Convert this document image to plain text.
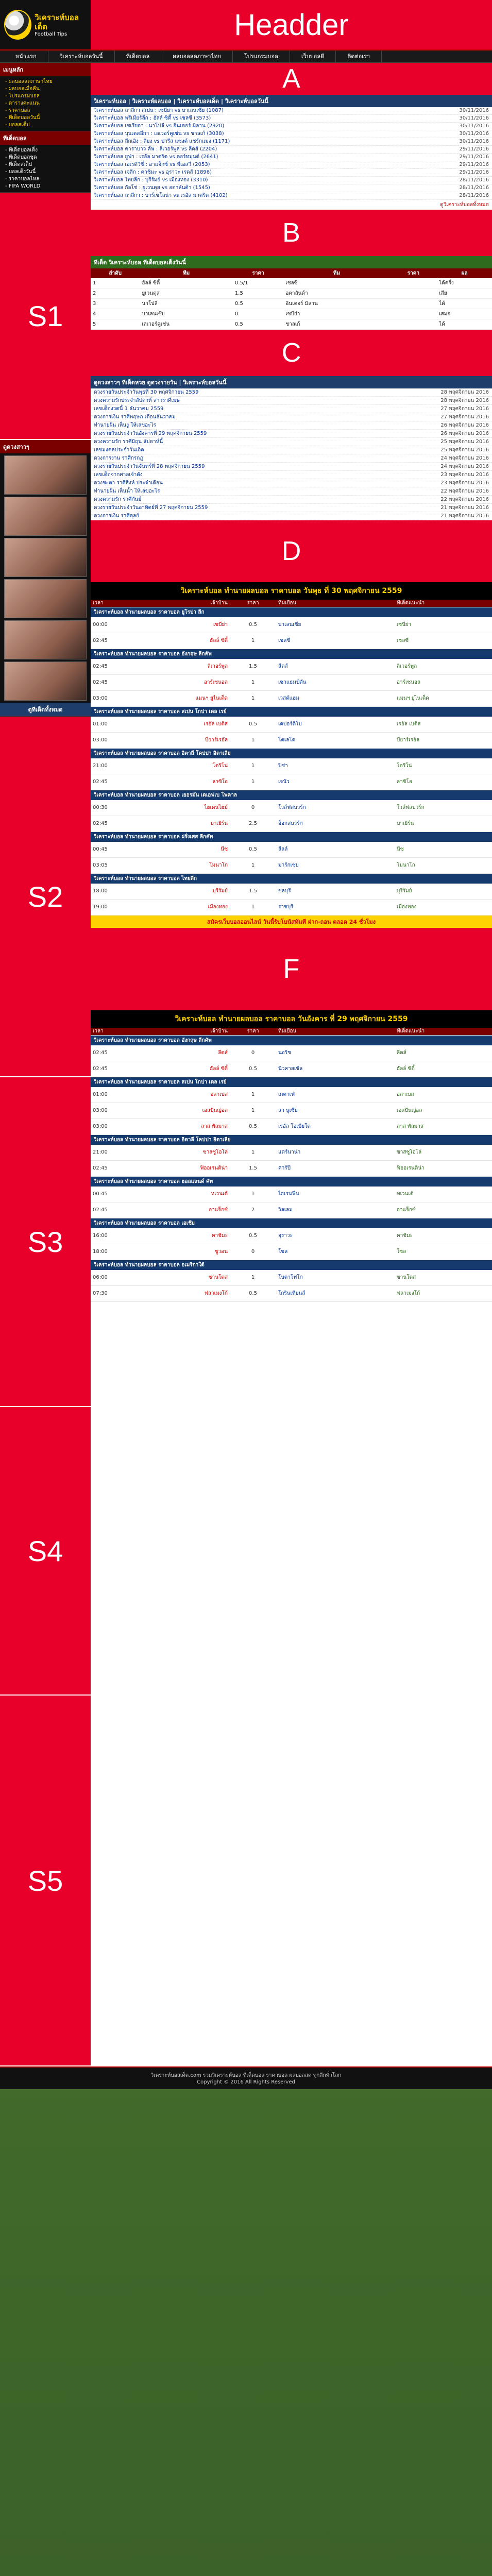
วิเคราะห์บอลเด็ด
Football Tips	Headder
หน้าแรก	วิเคราะห์บอลวันนี้	ทีเด็ดบอล	ผลบอลสดภาษาไทย	โปรแกรมบอล	เว็บบอลดี	ติดต่อเรา
เมนูหลัก
- ผลบอลสดภาษาไทย
- ผลบอลเมื่อคืน
- โปรแกรมบอล
- ตารางคะแนน
- ราคาบอล
- ทีเด็ดบอลวันนี้
- บอลสเต็ป
ทีเด็ดบอล
- ทีเด็ดบอลเต็ง
- ทีเด็ดบอลชุด
- ทีเด็ดสเต็ป
- บอลเต็งวันนี้
- ราคาบอลไหล
- FIFA WORLD
S1
ดูดวงสาวๆ
ดูทีเด็ดทั้งหมด
S2
S3
S4
S5
A
วิเคราะห์บอล | วิเคราะห์ผลบอล | วิเคราะห์บอลเด็ด | วิเคราะห์บอลวันนี้
วิเคราะห์บอล ลาลีกา สเปน : เซบีย่า vs บาเลนเซีย (1087)	30/11/2016
วิเคราะห์บอล พรีเมียร์ลีก : ฮัลล์ ซิตี้ vs เชลซี (3573)	30/11/2016
วิเคราะห์บอล เซเรียอา : นาโปลี vs อินเตอร์ มิลาน (2920)	30/11/2016
วิเคราะห์บอล บุนเดสลีกา : เลเวอร์คูเซ่น vs ชาลเก้ (3038)	30/11/2016
วิเคราะห์บอล ลีกเอิง : ลียง vs ปารีส แซงต์ แชร์กแมง (1171)	30/11/2016
วิเคราะห์บอล คาราบาว คัพ : ลิเวอร์พูล vs ลีดส์ (2204)	29/11/2016
วิเคราะห์บอล ยูฟ่า : เรอัล มาดริด vs ดอร์ทมุนด์ (2641)	29/11/2016
วิเคราะห์บอล เอเรดิวิซี่ : อาแจ็กซ์ vs พีเอสวี (2053)	29/11/2016
วิเคราะห์บอล เจลีก : คาชิมะ vs อุราวะ เรดส์ (1896)	29/11/2016
วิเคราะห์บอล ไทยลีก : บุรีรัมย์ vs เมืองทอง (3310)	28/11/2016
วิเคราะห์บอล กัลโช่ : ยูเวนตุส vs อตาลันต้า (1545)	28/11/2016
วิเคราะห์บอล ลาลีกา : บาร์เซโลน่า vs เรอัล มาดริด (4102)	28/11/2016
ดูวิเคราะห์บอลทั้งหมด
B
ทีเด็ด วิเคราะห์บอล ทีเด็ดบอลเต็งวันนี้
ลำดับ	ทีม	ราคา	ทีม	ราคา	ผล
1	ฮัลล์ ซิตี้	0.5/1	เชลซี		ได้ครึ่ง
2	ยูเวนตุส	1.5	อตาลันต้า		เสีย
3	นาโปลี	0.5	อินเตอร์ มิลาน		ได้
4	บาเลนเซีย	0	เซบีย่า		เสมอ
5	เลเวอร์คูเซ่น	0.5	ชาลเก้		ได้
C
ดูดวงสาวๆ ทีเด็ดหวย ดูดวงรายวัน | วิเคราะห์บอลวันนี้
ดวงรายวันประจำวันพุธที่ 30 พฤศจิกายน 2559	28 พฤศจิกายน 2016
ดวงความรักประจำสัปดาห์ สาวราศีเมษ	28 พฤศจิกายน 2016
เลขเด็ดงวดนี้ 1 ธันวาคม 2559	27 พฤศจิกายน 2016
ดวงการเงิน ราศีพฤษภ เดือนธันวาคม	27 พฤศจิกายน 2016
ทำนายฝัน เห็นงู ให้เลขอะไร	26 พฤศจิกายน 2016
ดวงรายวันประจำวันอังคารที่ 29 พฤศจิกายน 2559	26 พฤศจิกายน 2016
ดวงความรัก ราศีมิถุน สัปดาห์นี้	25 พฤศจิกายน 2016
เลขมงคลประจำวันเกิด	25 พฤศจิกายน 2016
ดวงการงาน ราศีกรกฎ	24 พฤศจิกายน 2016
ดวงรายวันประจำวันจันทร์ที่ 28 พฤศจิกายน 2559	24 พฤศจิกายน 2016
เลขเด็ดจากศาลเจ้าดัง	23 พฤศจิกายน 2016
ดวงชะตา ราศีสิงห์ ประจำเดือน	23 พฤศจิกายน 2016
ทำนายฝัน เห็นน้ำ ให้เลขอะไร	22 พฤศจิกายน 2016
ดวงความรัก ราศีกันย์	22 พฤศจิกายน 2016
ดวงรายวันประจำวันอาทิตย์ที่ 27 พฤศจิกายน 2559	21 พฤศจิกายน 2016
ดวงการเงิน ราศีตุลย์	21 พฤศจิกายน 2016
D
วิเคราะห์บอล ทำนายผลบอล ราคาบอล วันพุธ ที่ 30 พฤศจิกายน 2559
เวลา	เจ้าบ้าน	ราคา	ทีมเยือน	ทีเด็ดแนะนำ
วิเคราะห์บอล ทำนายผลบอล ราคาบอล ยูโรปา ลีก
00:00	เซบีย่า	0.5	บาเลนเซีย	เซบีย่า
02:45	ฮัลล์ ซิตี้	1	เชลซี	เชลซี
วิเคราะห์บอล ทำนายผลบอล ราคาบอล อังกฤษ ลีกคัพ
02:45	ลิเวอร์พูล	1.5	ลีดส์	ลิเวอร์พูล
02:45	อาร์เซนอล	1	เซาแธมป์ตัน	อาร์เซนอล
03:00	แมนฯ ยูไนเต็ด	1	เวสต์แฮม	แมนฯ ยูไนเต็ด
วิเคราะห์บอล ทำนายผลบอล ราคาบอล สเปน โกปา เดล เรย์
01:00	เรอัล เบติส	0.5	เดปอร์ติโบ	เรอัล เบติส
03:00	บียาร์เรอัล	1	โตเลโด	บียาร์เรอัล
วิเคราะห์บอล ทำนายผลบอล ราคาบอล อิตาลี โคปปา อิตาเลีย
21:00	โตริโน่	1	ปิซ่า	โตริโน่
02:45	ลาซิโอ	1	เจนัว	ลาซิโอ
วิเคราะห์บอล ทำนายผลบอล ราคาบอล เยอรมัน เดเอฟเบ โพคาล
00:30	ไฮเดนไฮม์	0	โวล์ฟสบวร์ก	โวล์ฟสบวร์ก
02:45	บาเยิร์น	2.5	อ็อกสบวร์ก	บาเยิร์น
วิเคราะห์บอล ทำนายผลบอล ราคาบอล ฝรั่งเศส ลีกคัพ
00:45	นีซ	0.5	ลีลล์	นีซ
03:05	โมนาโก	1	มาร์กเซย	โมนาโก
วิเคราะห์บอล ทำนายผลบอล ราคาบอล ไทยลีก
18:00	บุรีรัมย์	1.5	ชลบุรี	บุรีรัมย์
19:00	เมืองทอง	1	ราชบุรี	เมืองทอง
สมัครเว็บบอลออนไลน์ วันนี้รับโบนัสทันที ฝาก-ถอน ตลอด 24 ชั่วโมง
F
วิเคราะห์บอล ทำนายผลบอล ราคาบอล วันอังคาร ที่ 29 พฤศจิกายน 2559
เวลา	เจ้าบ้าน	ราคา	ทีมเยือน	ทีเด็ดแนะนำ
วิเคราะห์บอล ทำนายผลบอล ราคาบอล อังกฤษ ลีกคัพ
02:45	ลีดส์	0	นอริช	ลีดส์
02:45	ฮัลล์ ซิตี้	0.5	นิวคาสเซิล	ฮัลล์ ซิตี้
วิเคราะห์บอล ทำนายผลบอล ราคาบอล สเปน โกปา เดล เรย์
01:00	อลาเบส	1	เกตาเฟ่	อลาเบส
03:00	เอสปันญ่อล	1	ลา นูเซีย	เอสปันญ่อล
03:00	ลาส พัลมาส	0.5	เรอัล โอเบียโด	ลาส พัลมาส
วิเคราะห์บอล ทำนายผลบอล ราคาบอล อิตาลี โคปปา อิตาเลีย
21:00	ซาสซูโอโล่	1	แตร์นาน่า	ซาสซูโอโล่
02:45	ฟิออเรนติน่า	1.5	คาร์ปี	ฟิออเรนติน่า
วิเคราะห์บอล ทำนายผลบอล ราคาบอล ฮอลแลนด์ คัพ
00:45	ทเวนเต้	1	ไฮเรนฟีน	ทเวนเต้
02:45	อาแจ็กซ์	2	วิลเลม	อาแจ็กซ์
วิเคราะห์บอล ทำนายผลบอล ราคาบอล เอเชีย
16:00	คาชิมะ	0.5	อุราวะ	คาชิมะ
18:00	ซูวอน	0	โซล	โซล
วิเคราะห์บอล ทำนายผลบอล ราคาบอล อเมริกาใต้
06:00	ซานโตส	1	โบตาโฟโก	ซานโตส
07:30	ฟลาเมงโก้	0.5	โกรินเทียนส์	ฟลาเมงโก้
วิเคราะห์บอลเด็ด.com รวมวิเคราะห์บอล ทีเด็ดบอล ราคาบอล ผลบอลสด ทุกลีกทั่วโลก
Copyright © 2016 All Rights Reserved
